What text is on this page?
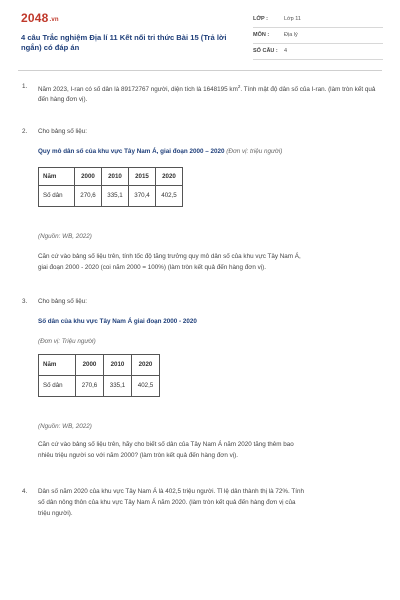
2048.vn
4 câu Trắc nghiệm Địa lí 11 Kết nối tri thức Bài 15 (Trả lời ngắn) có đáp án
LỚP :	Lớp 11
MÔN :	Địa lý
SỐ CÂU :	4
1. Năm 2023, I-ran có số dân là 89172767 người, diện tích là 1648195 $km^2$. Tính mật độ dân số của I-ran. (làm tròn kết quả đến hàng đơn vị).
2. Cho bảng số liệu:
Quy mô dân số của khu vực Tây Nam Á, giai đoạn 2000 – 2020 (Đơn vị: triệu người)
Năm	2000	2010	2015	2020
Số dân	270,6	335,1	370,4	402,5
(Nguồn: WB, 2022)
Căn cứ vào bảng số liệu trên, tính tốc độ tăng trưởng quy mô dân số của khu vực Tây Nam Á,
giai đoạn 2000 - 2020 (coi năm 2000 = 100%) (làm tròn kết quả đến hàng đơn vị).
3. Cho bảng số liệu:
Số dân của khu vực Tây Nam Á giai đoạn 2000 - 2020
(Đơn vị: Triệu người)
Năm	2000	2010	2020
Số dân	270,6	335,1	402,5
(Nguồn: WB, 2022)
Căn cứ vào bảng số liệu trên, hãy cho biết số dân của Tây Nam Á năm 2020 tăng thêm bao
nhiêu triệu người so với năm 2000? (làm tròn kết quả đến hàng đơn vị).
4. Dân số năm 2020 của khu vực Tây Nam Á là 402,5 triệu người. Tỉ lệ dân thành thị là 72%. Tính
số dân nông thôn của khu vực Tây Nam Á năm 2020. (làm tròn kết quả đến hàng đơn vị của
triệu người).
